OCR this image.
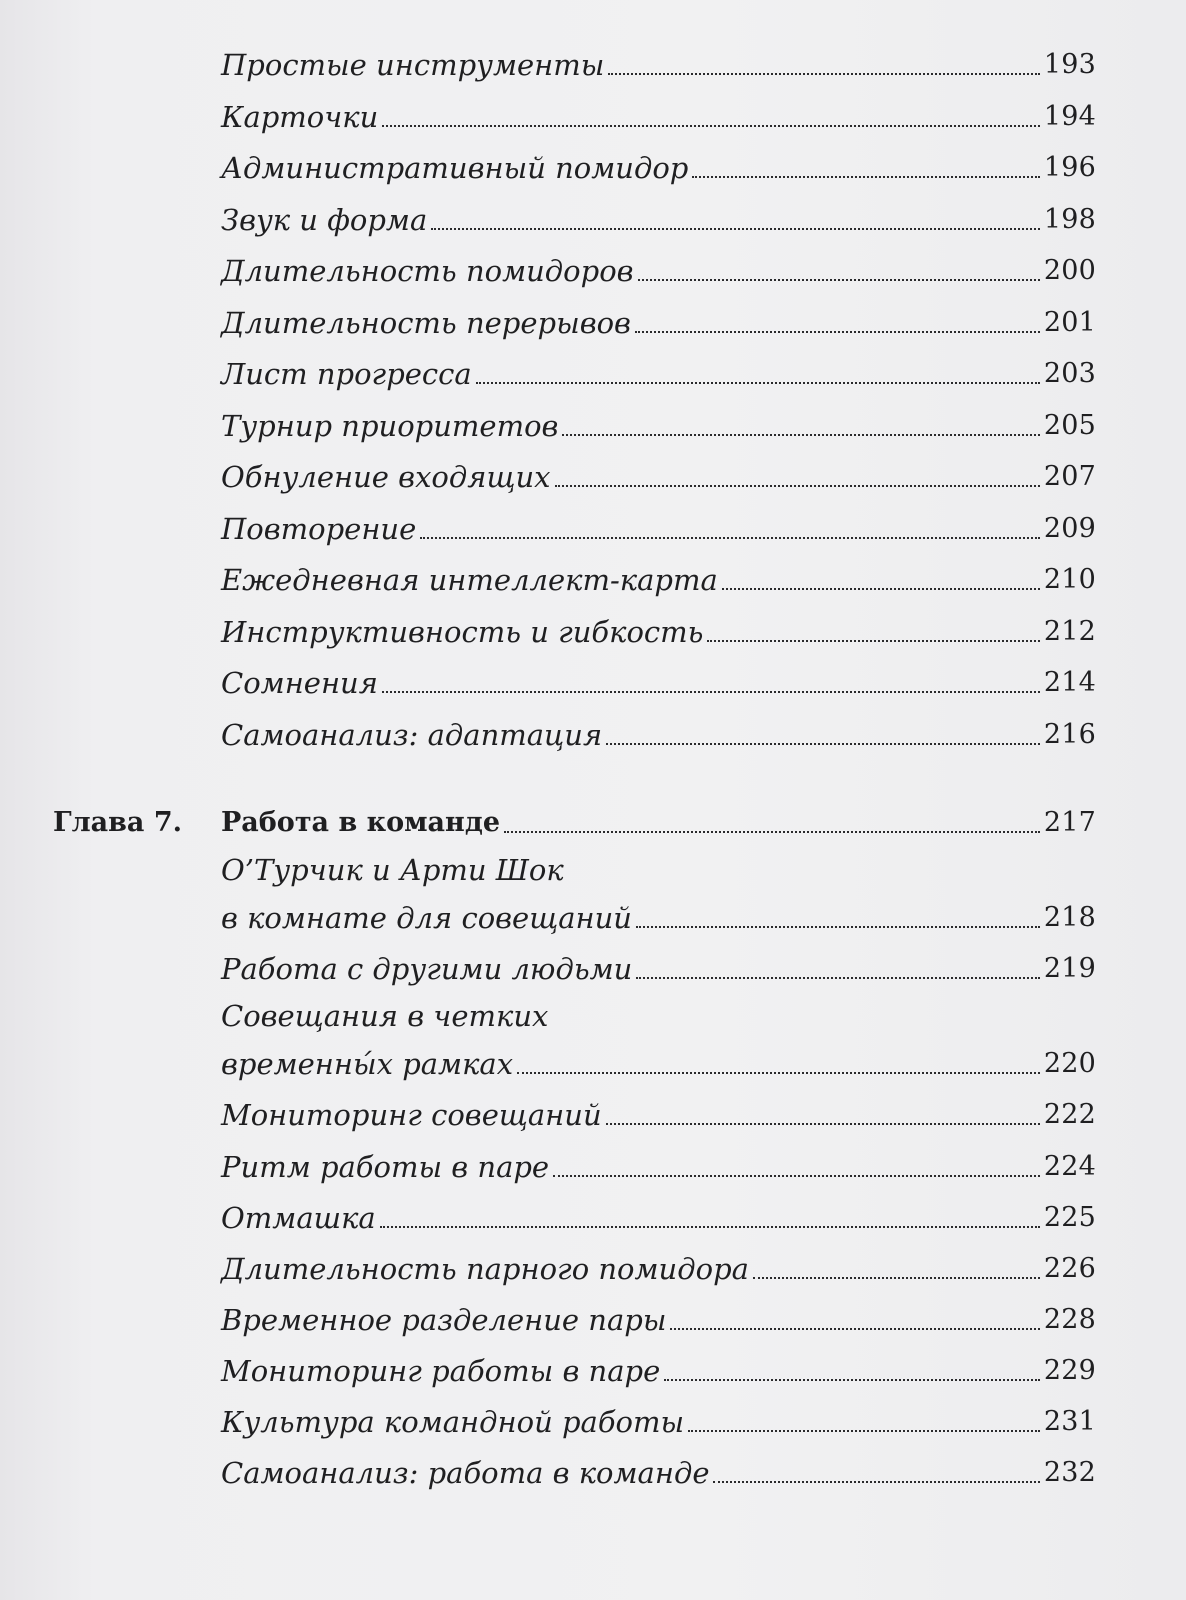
Простые инструменты	193
Карточки	194
Административный помидор	196
Звук и форма	198
Длительность помидоров	200
Длительность перерывов	201
Лист прогресса	203
Турнир приоритетов	205
Обнуление входящих	207
Повторение	209
Ежедневная интеллект-карта	210
Инструктивность и гибкость	212
Сомнения	214
Самоанализ: адаптация	216
Глава 7. Работа в команде	217
О’Турчик и Арти Шок
в комнате для совещаний	218
Работа с другими людьми	219
Совещания в четких
временны́х рамках	220
Мониторинг совещаний	222
Ритм работы в паре	224
Отмашка	225
Длительность парного помидора	226
Временное разделение пары	228
Мониторинг работы в паре	229
Культура командной работы	231
Самоанализ: работа в команде	232
